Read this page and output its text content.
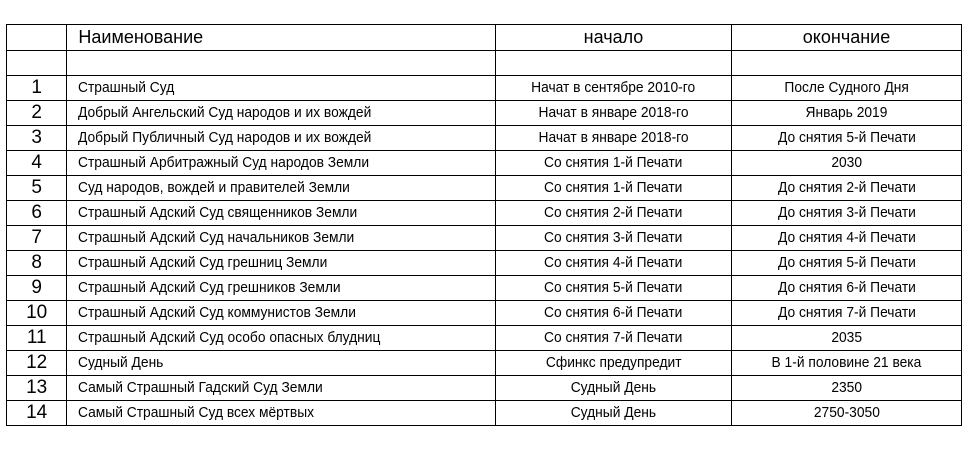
	Наименование	начало	окончание

1	Страшный Суд	Начат в сентябре 2010-го	После Судного Дня
2	Добрый Ангельский Суд народов и их вождей	Начат в январе 2018-го	Январь 2019
3	Добрый Публичный Суд народов и их вождей	Начат в январе 2018-го	До снятия 5-й Печати
4	Страшный Арбитражный Суд народов Земли	Со снятия 1-й Печати	2030
5	Суд народов, вождей и правителей Земли	Со снятия 1-й Печати	До снятия 2-й Печати
6	Страшный Адский Суд священников Земли	Со снятия 2-й Печати	До снятия 3-й Печати
7	Страшный Адский Суд начальников Земли	Со снятия 3-й Печати	До снятия 4-й Печати
8	Страшный Адский Суд грешниц Земли	Со снятия 4-й Печати	До снятия 5-й Печати
9	Страшный Адский Суд грешников Земли	Со снятия 5-й Печати	До снятия 6-й Печати
10	Страшный Адский Суд коммунистов Земли	Со снятия 6-й Печати	До снятия 7-й Печати
11	Страшный Адский Суд особо опасных блудниц	Со снятия 7-й Печати	2035
12	Судный День	Сфинкс предупредит	В 1-й половине 21 века
13	Самый Страшный Гадский Суд Земли	Судный День	2350
14	Самый Страшный Суд всех мёртвых	Судный День	2750-3050
